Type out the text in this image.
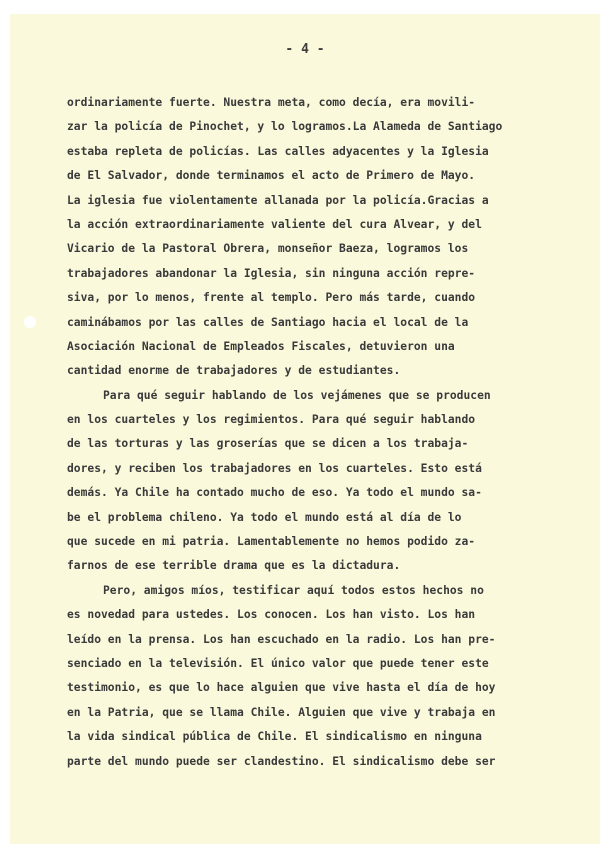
- 4 -
ordinariamente fuerte. Nuestra meta, como decía, era movili-
zar la policía de Pinochet, y lo logramos.La Alameda de Santiago
estaba repleta de policías. Las calles adyacentes y la Iglesia
de El Salvador, donde terminamos el acto de Primero de Mayo.
La iglesia fue violentamente allanada por la policía.Gracias a
la acción extraordinariamente valiente del cura Alvear, y del
Vicario de la Pastoral Obrera, monseñor Baeza, logramos los
trabajadores abandonar la Iglesia, sin ninguna acción repre-
siva, por lo menos, frente al templo. Pero más tarde, cuando
caminábamos por las calles de Santiago hacia el local de la
Asociación Nacional de Empleados Fiscales, detuvieron una
cantidad enorme de trabajadores y de estudiantes.
Para qué seguir hablando de los vejámenes que se producen
en los cuarteles y los regimientos. Para qué seguir hablando
de las torturas y las groserías que se dicen a los trabaja-
dores, y reciben los trabajadores en los cuarteles. Esto está
demás. Ya Chile ha contado mucho de eso. Ya todo el mundo sa-
be el problema chileno. Ya todo el mundo está al día de lo
que sucede en mi patria. Lamentablemente no hemos podido za-
farnos de ese terrible drama que es la dictadura.
Pero, amigos míos, testificar aquí todos estos hechos no
es novedad para ustedes. Los conocen. Los han visto. Los han
leído en la prensa. Los han escuchado en la radio. Los han pre-
senciado en la televisión. El único valor que puede tener este
testimonio, es que lo hace alguien que vive hasta el día de hoy
en la Patria, que se llama Chile. Alguien que vive y trabaja en
la vida sindical pública de Chile. El sindicalismo en ninguna
parte del mundo puede ser clandestino. El sindicalismo debe ser
